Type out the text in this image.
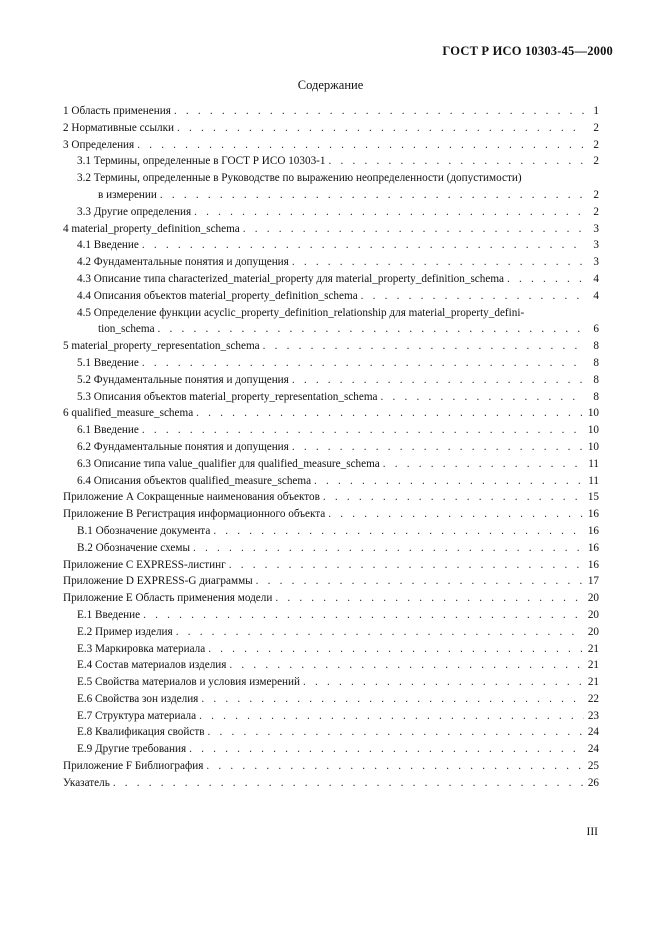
ГОСТ Р ИСО 10303-45—2000
Содержание
1 Область применения . . .	1
2 Нормативные ссылки . . .	2
3 Определения . . .	2
3.1 Термины, определенные в ГОСТ Р ИСО 10303-1 . . .	2
3.2 Термины, определенные в Руководстве по выражению неопределенности (допустимости)
в измерении . . .	2
3.3 Другие определения . . .	2
4 material_property_definition_schema . . .	3
4.1 Введение . . .	3
4.2 Фундаментальные понятия и допущения . . .	3
4.3 Описание типа characterized_material_property для material_property_definition_schema . . .	4
4.4 Описания объектов material_property_definition_schema . . .	4
4.5 Определение функции acyclic_property_definition_relationship для material_property_defini-
tion_schema . . .	6
5 material_property_representation_schema . . .	8
5.1 Введение . . .	8
5.2 Фундаментальные понятия и допущения . . .	8
5.3 Описания объектов material_property_representation_schema . . .	8
6 qualified_measure_schema . . .	10
6.1 Введение . . .	10
6.2 Фундаментальные понятия и допущения . . .	10
6.3 Описание типа value_qualifier для qualified_measure_schema . . .	11
6.4 Описания объектов qualified_measure_schema . . .	11
Приложение А Сокращенные наименования объектов . . .	15
Приложение В Регистрация информационного объекта . . .	16
В.1 Обозначение документа . . .	16
В.2 Обозначение схемы . . .	16
Приложение С EXPRESS-листинг . . .	16
Приложение D EXPRESS-G диаграммы . . .	17
Приложение Е Область применения модели . . .	20
Е.1 Введение . . .	20
Е.2 Пример изделия . . .	20
Е.3 Маркировка материала . . .	21
Е.4 Состав материалов изделия . . .	21
Е.5 Свойства материалов и условия измерений . . .	21
Е.6 Свойства зон изделия . . .	22
Е.7 Структура материала . . .	23
Е.8 Квалификация свойств . . .	24
Е.9 Другие требования . . .	24
Приложение F Библиография . . .	25
Указатель . . .	26
III
